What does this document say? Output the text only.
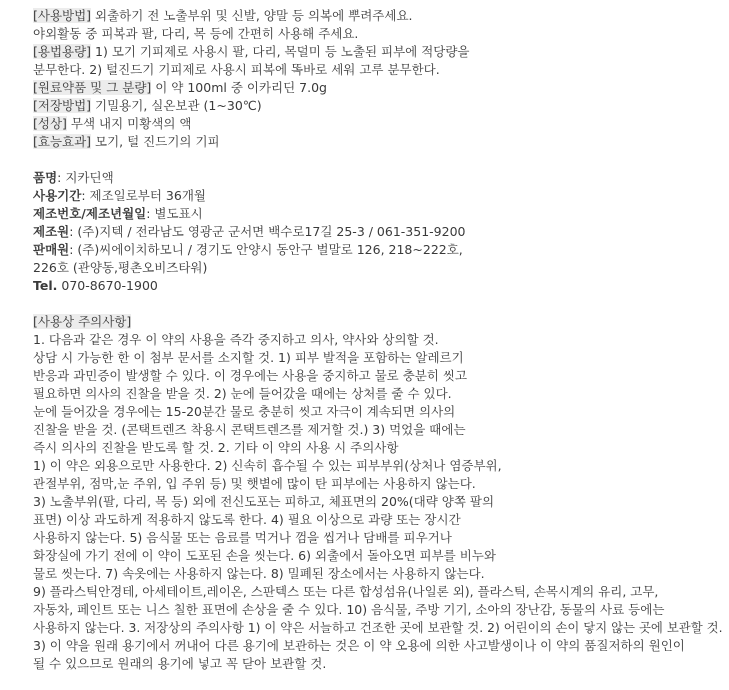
[사용방법] 외출하기 전 노출부위 및 신발, 양말 등 의복에 뿌려주세요.
야외활동 중 피복과 팔, 다리, 목 등에 간편히 사용해 주세요.
[용법용량] 1) 모기 기피제로 사용시 팔, 다리, 목덜미 등 노출된 피부에 적당량을
분무한다. 2) 털진드기 기피제로 사용시 피복에 똑바로 세워 고루 분무한다.
[원료약품 및 그 분량] 이 약 100ml 중 이카리딘 7.0g
[저장방법] 기밀용기, 실온보관 (1~30℃)
[성상] 무색 내지 미황색의 액
[효능효과] 모기, 털 진드기의 기피
품명: 지카딘액
사용기간: 제조일로부터 36개월
제조번호/제조년월일: 별도표시
제조원: (주)지텍 / 전라남도 영광군 군서면 백수로17길 25-3 / 061-351-9200
판매원: (주)씨에이치하모니 / 경기도 안양시 동안구 벌말로 126, 218~222호,
226호 (관양동,평촌오비즈타워)
Tel. 070-8670-1900
[사용상 주의사항]
1. 다음과 같은 경우 이 약의 사용을 즉각 중지하고 의사, 약사와 상의할 것.
상담 시 가능한 한 이 첨부 문서를 소지할 것. 1) 피부 발적을 포함하는 알레르기
반응과 과민증이 발생할 수 있다. 이 경우에는 사용을 중지하고 물로 충분히 씻고
필요하면 의사의 진찰을 받을 것. 2) 눈에 들어갔을 때에는 상처를 줄 수 있다.
눈에 들어갔을 경우에는 15-20분간 물로 충분히 씻고 자극이 계속되면 의사의
진찰을 받을 것. (콘택트렌즈 착용시 콘택트렌즈를 제거할 것.) 3) 먹었을 때에는
즉시 의사의 진찰을 받도록 할 것. 2. 기타 이 약의 사용 시 주의사항
1) 이 약은 외용으로만 사용한다. 2) 신속히 흡수될 수 있는 피부부위(상처나 염증부위,
관절부위, 점막,눈 주위, 입 주위 등) 및 햇볕에 많이 탄 피부에는 사용하지 않는다.
3) 노출부위(팔, 다리, 목 등) 외에 전신도포는 피하고, 체표면의 20%(대략 양쪽 팔의
표면) 이상 과도하게 적용하지 않도록 한다. 4) 필요 이상으로 과량 또는 장시간
사용하지 않는다. 5) 음식물 또는 음료를 먹거나 껌을 씹거나 담배를 피우거나
화장실에 가기 전에 이 약이 도포된 손을 씻는다. 6) 외출에서 돌아오면 피부를 비누와
물로 씻는다. 7) 속옷에는 사용하지 않는다. 8) 밀폐된 장소에서는 사용하지 않는다.
9) 플라스틱안경테, 아세테이트,레이온, 스판텍스 또는 다른 합성섬유(나일론 외), 플라스틱, 손목시계의 유리, 고무,
자동차, 페인트 또는 니스 칠한 표면에 손상을 줄 수 있다. 10) 음식물, 주방 기기, 소아의 장난감, 동물의 사료 등에는
사용하지 않는다. 3. 저장상의 주의사항 1) 이 약은 서늘하고 건조한 곳에 보관할 것. 2) 어린이의 손이 닿지 않는 곳에 보관할 것.
3) 이 약을 원래 용기에서 꺼내어 다른 용기에 보관하는 것은 이 약 오용에 의한 사고발생이나 이 약의 품질저하의 원인이
될 수 있으므로 원래의 용기에 넣고 꼭 닫아 보관할 것.
